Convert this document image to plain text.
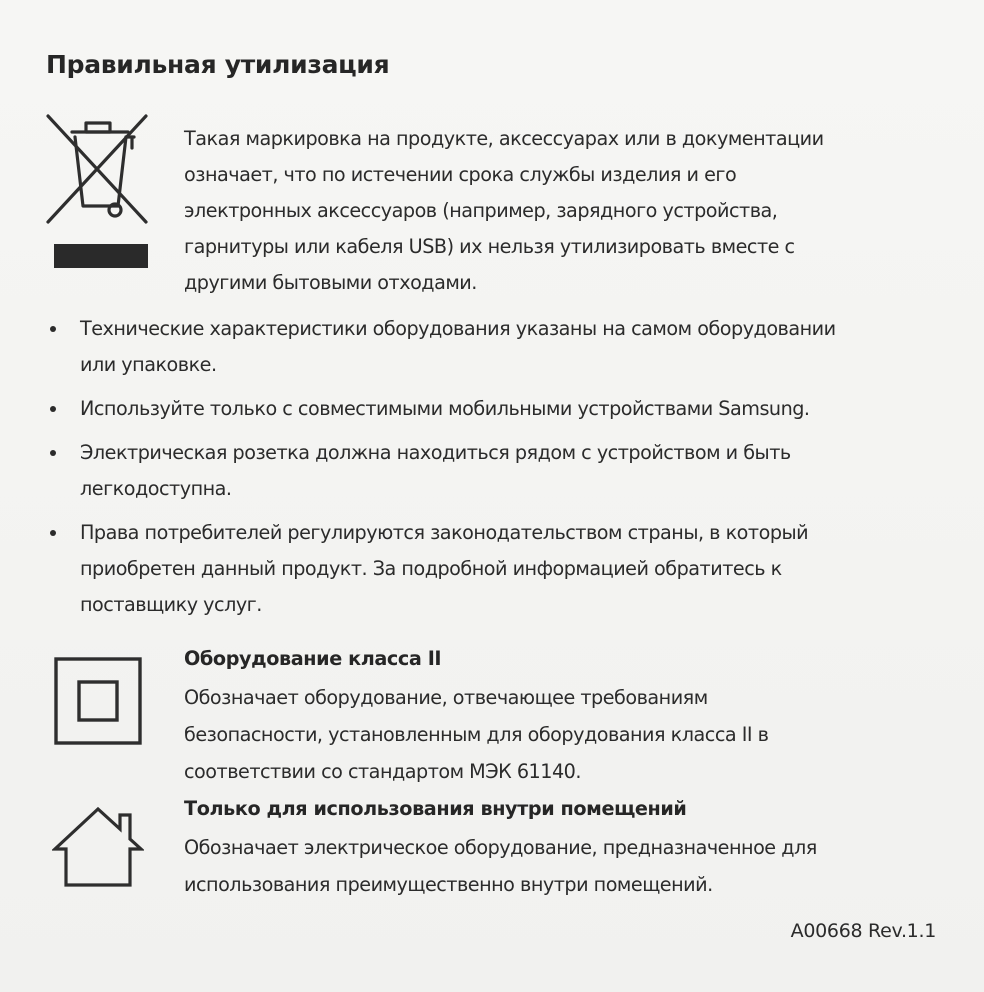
Правильная утилизация
Такая маркировка на продукте, аксессуарах или в документации
означает, что по истечении срока службы изделия и его
электронных аксессуаров (например, зарядного устройства,
гарнитуры или кабеля USB) их нельзя утилизировать вместе с
другими бытовыми отходами.
Технические характеристики оборудования указаны на самом оборудовании
или упаковке.
Используйте только с совместимыми мобильными устройствами Samsung.
Электрическая розетка должна находиться рядом с устройством и быть
легкодоступна.
Права потребителей регулируются законодательством страны, в который
приобретен данный продукт. За подробной информацией обратитесь к
поставщику услуг.
Оборудование класса II
Обозначает оборудование, отвечающее требованиям
безопасности, установленным для оборудования класса II в
соответствии со стандартом МЭК 61140.
Только для использования внутри помещений
Обозначает электрическое оборудование, предназначенное для
использования преимущественно внутри помещений.
A00668 Rev.1.1
